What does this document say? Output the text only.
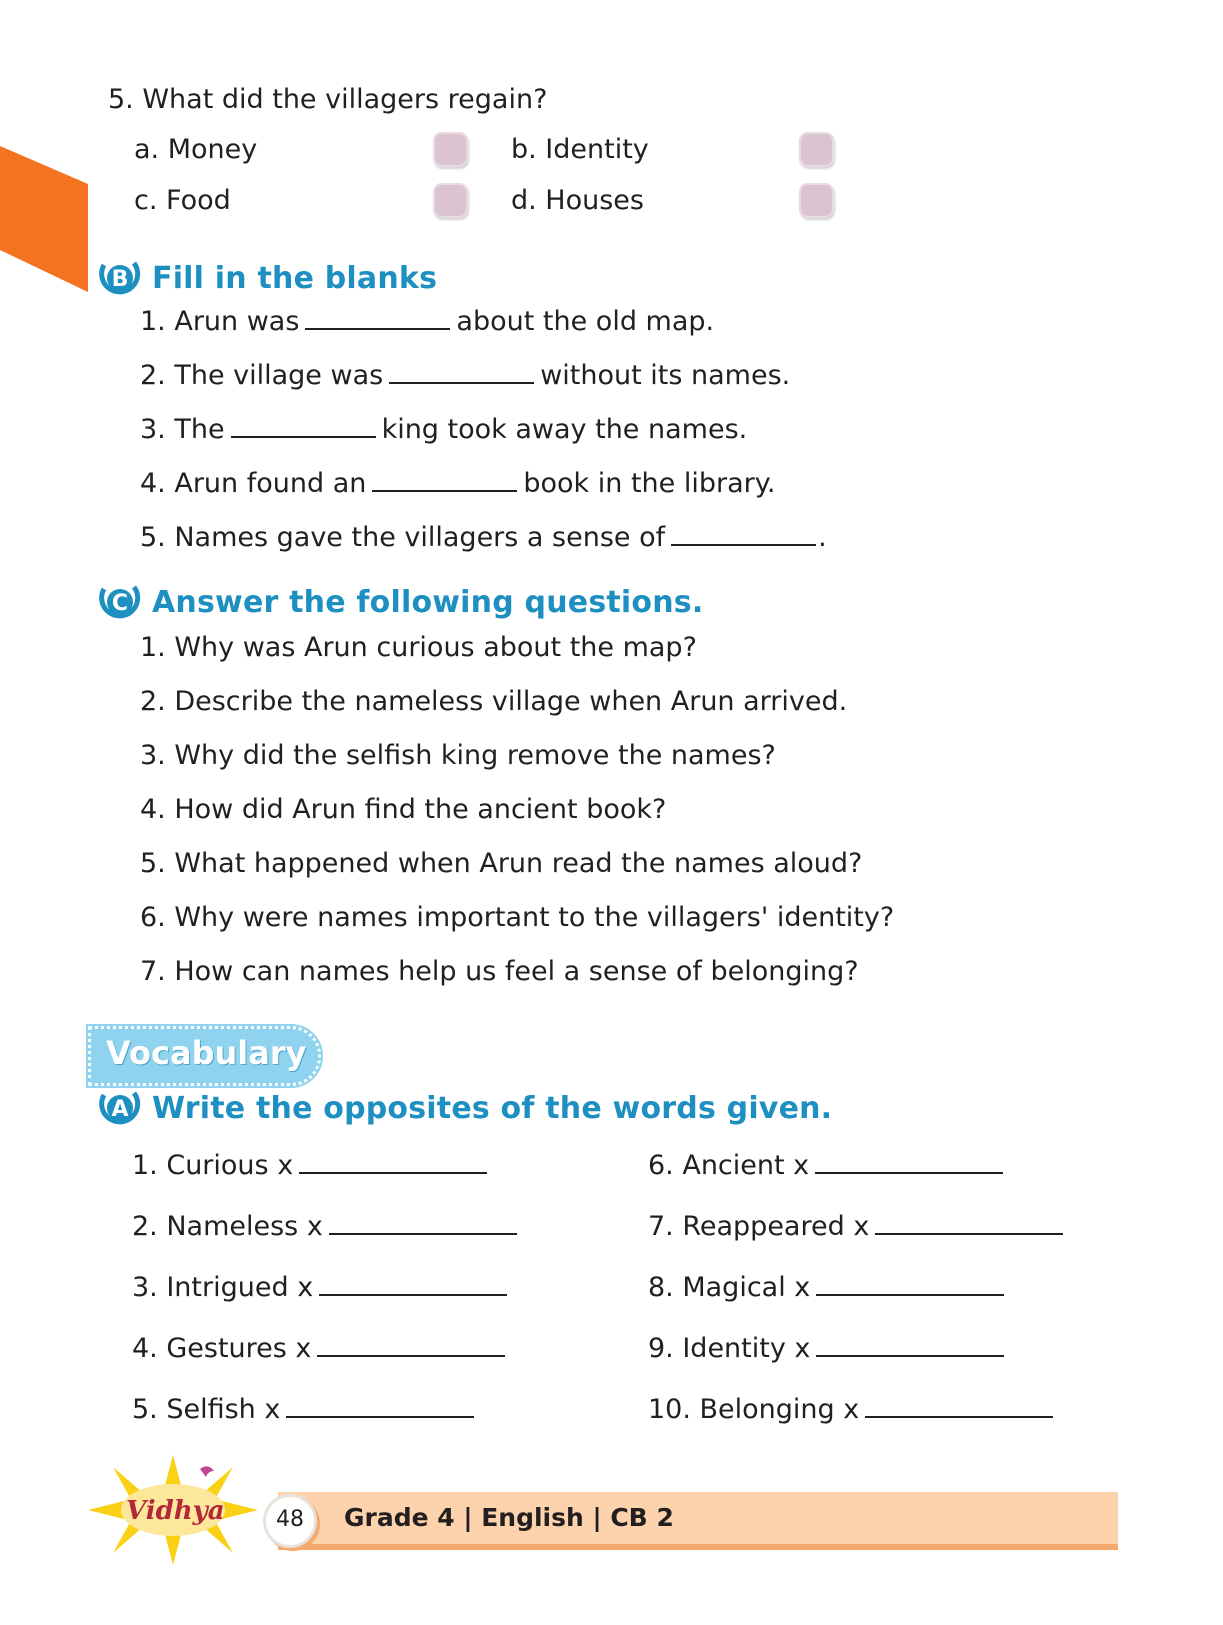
5. What did the villagers regain?
a. Money	b. Identity
c. Food	d. Houses
B Fill in the blanks
1. Arun was	about the old map.
2. The village was	without its names.
3. The	king took away the names.
4. Arun found an	book in the library.
5. Names gave the villagers a sense of	.
C Answer the following questions.
1. Why was Arun curious about the map?
2. Describe the nameless village when Arun arrived.
3. Why did the selfish king remove the names?
4. How did Arun find the ancient book?
5. What happened when Arun read the names aloud?
6. Why were names important to the villagers' identity?
7. How can names help us feel a sense of belonging?
Vocabulary
A Write the opposites of the words given.
1. Curious x
2. Nameless x
3. Intrigued x
4. Gestures x
5. Selfish x
6. Ancient x
7. Reappeared x
8. Magical x
9. Identity x
10. Belonging x
Grade 4 | English | CB 2
48
Vidhya
